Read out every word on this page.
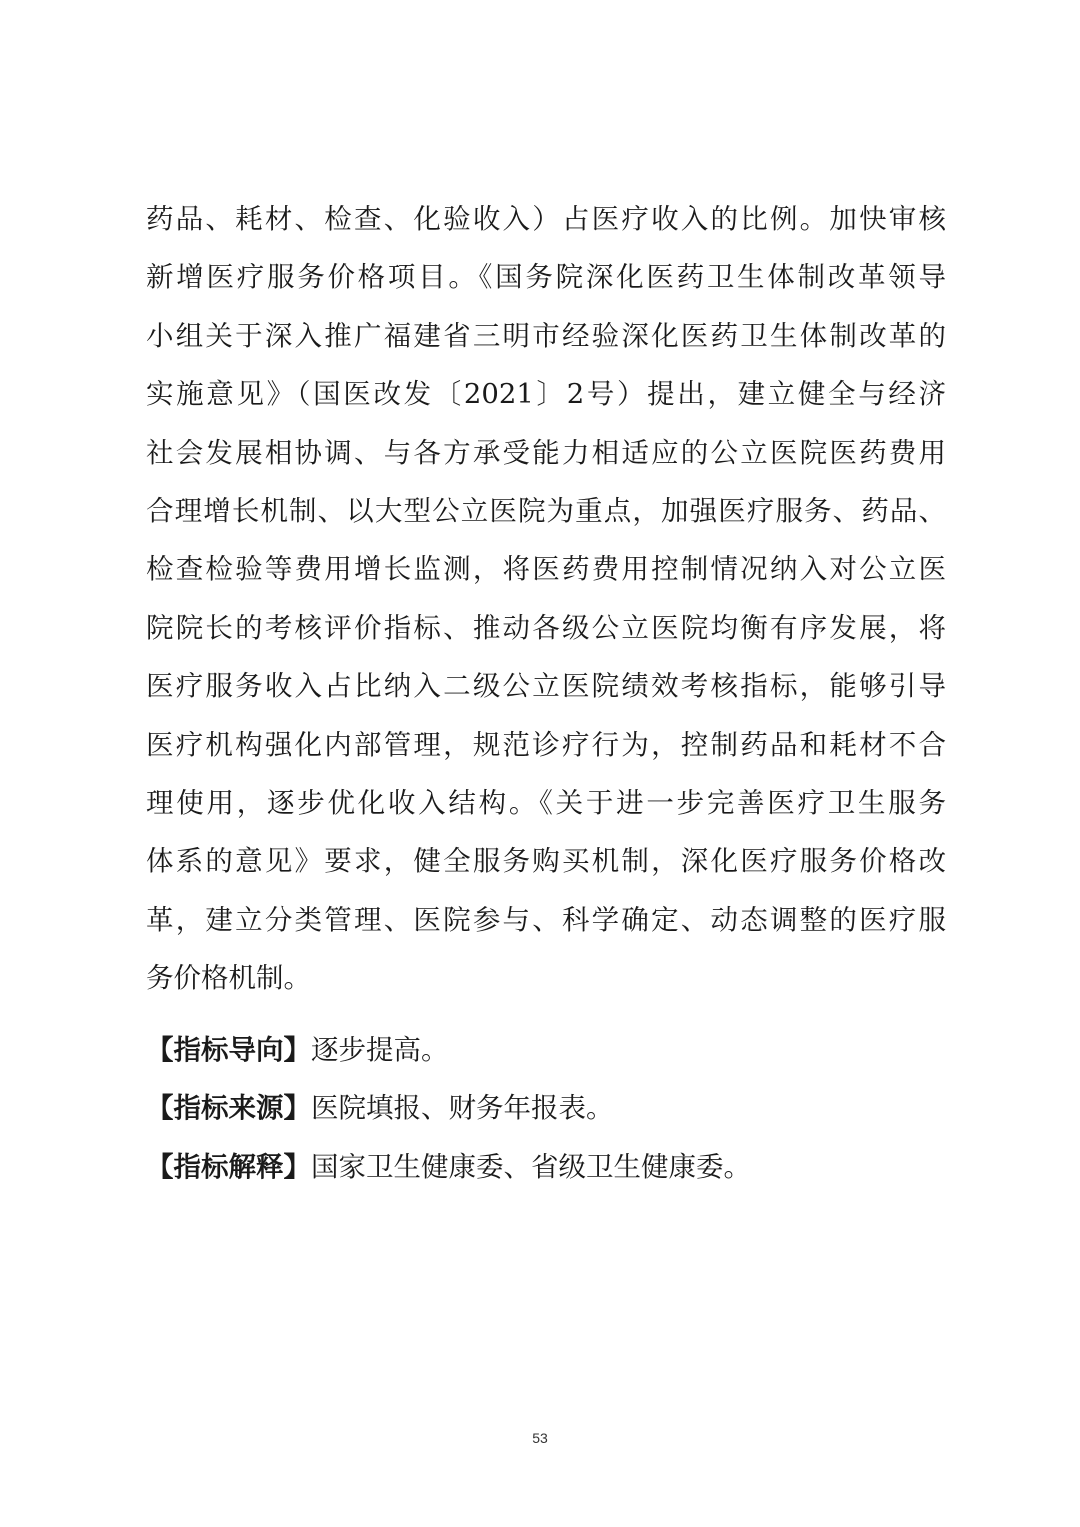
药品、耗材、检查、化验收入）占医疗收入的比例。加快审核
新增医疗服务价格项目。《国务院深化医药卫生体制改革领导
小组关于深入推广福建省三明市经验深化医药卫生体制改革的
实施意见》（国医改发〔2021〕2号）提出，建立健全与经济
社会发展相协调、与各方承受能力相适应的公立医院医药费用
合理增长机制、以大型公立医院为重点，加强医疗服务、药品、
检查检验等费用增长监测，将医药费用控制情况纳入对公立医
院院长的考核评价指标、推动各级公立医院均衡有序发展，将
医疗服务收入占比纳入二级公立医院绩效考核指标，能够引导
医疗机构强化内部管理，规范诊疗行为，控制药品和耗材不合
理使用，逐步优化收入结构。《关于进一步完善医疗卫生服务
体系的意见》要求，健全服务购买机制，深化医疗服务价格改
革，建立分类管理、医院参与、科学确定、动态调整的医疗服
务价格机制。
【指标导向】逐步提高。
【指标来源】医院填报、财务年报表。
【指标解释】国家卫生健康委、省级卫生健康委。
53
